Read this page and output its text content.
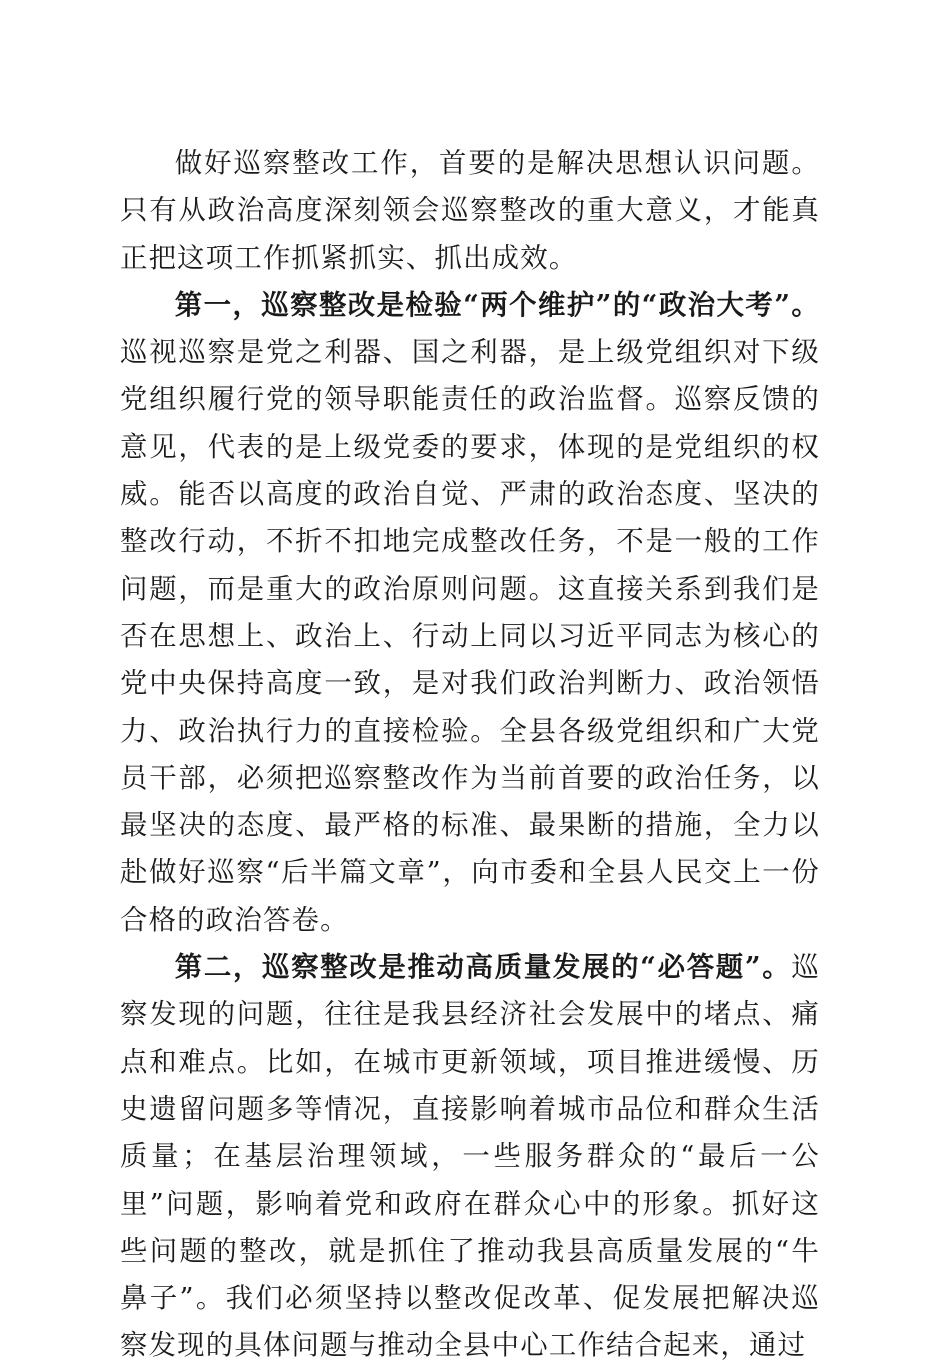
做好巡察整改工作，首要的是解决思想认识问题。只有从政治高度深刻领会巡察整改的重大意义，才能真正把这项工作抓紧抓实、抓出成效。

第一，巡察整改是检验“两个维护”的“政治大考”。巡视巡察是党之利器、国之利器，是上级党组织对下级党组织履行党的领导职能责任的政治监督。巡察反馈的意见，代表的是上级党委的要求，体现的是党组织的权威。能否以高度的政治自觉、严肃的政治态度、坚决的整改行动，不折不扣地完成整改任务，不是一般的工作问题，而是重大的政治原则问题。这直接关系到我们是否在思想上、政治上、行动上同以习近平同志为核心的党中央保持高度一致，是对我们政治判断力、政治领悟力、政治执行力的直接检验。全县各级党组织和广大党员干部，必须把巡察整改作为当前首要的政治任务，以最坚决的态度、最严格的标准、最果断的措施，全力以赴做好巡察“后半篇文章”，向市委和全县人民交上一份合格的政治答卷。

第二，巡察整改是推动高质量发展的“必答题”。巡察发现的问题，往往是我县经济社会发展中的堵点、痛点和难点。比如，在城市更新领域，项目推进缓慢、历史遗留问题多等情况，直接影响着城市品位和群众生活质量；在基层治理领域，一些服务群众的“最后一公里”问题，影响着党和政府在群众心中的形象。抓好这些问题的整改，就是抓住了推动我县高质量发展的“牛鼻子”。我们必须坚持以整改促改革、促发展把解决巡察发现的具体问题与推动全县中心工作结合起来，通过
